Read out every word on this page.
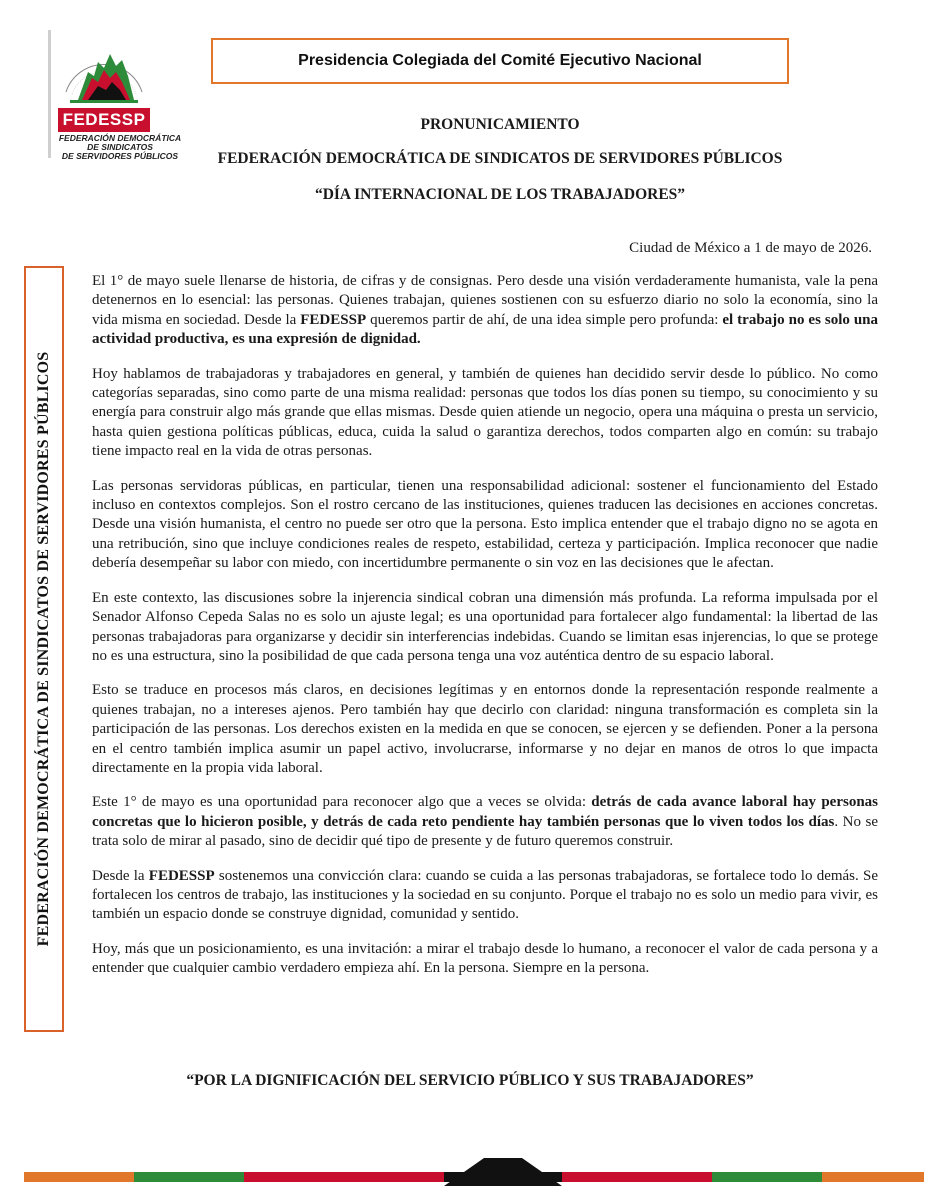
FEDESSP
FEDERACIÓN DEMOCRÁTICA
DE SINDICATOS
DE SERVIDORES PÚBLICOS
Presidencia Colegiada del Comité Ejecutivo Nacional
PRONUNICAMIENTO
FEDERACIÓN DEMOCRÁTICA DE SINDICATOS DE SERVIDORES PÚBLICOS
“DÍA INTERNACIONAL DE LOS TRABAJADORES”
Ciudad de México a 1 de mayo de 2026.
FEDERACIÓN DEMOCRÁTICA DE SINDICATOS DE SERVIDORES PÚBLICOS

El 1° de mayo suele llenarse de historia, de cifras y de consignas. Pero desde una visión verdaderamente humanista, vale la pena detenernos en lo esencial: las personas. Quienes trabajan, quienes sostienen con su esfuerzo diario no solo la economía, sino la vida misma en sociedad. Desde la FEDESSP queremos partir de ahí, de una idea simple pero profunda: el trabajo no es solo una actividad productiva, es una expresión de dignidad.

Hoy hablamos de trabajadoras y trabajadores en general, y también de quienes han decidido servir desde lo público. No como categorías separadas, sino como parte de una misma realidad: personas que todos los días ponen su tiempo, su conocimiento y su energía para construir algo más grande que ellas mismas. Desde quien atiende un negocio, opera una máquina o presta un servicio, hasta quien gestiona políticas públicas, educa, cuida la salud o garantiza derechos, todos comparten algo en común: su trabajo tiene impacto real en la vida de otras personas.

Las personas servidoras públicas, en particular, tienen una responsabilidad adicional: sostener el funcionamiento del Estado incluso en contextos complejos. Son el rostro cercano de las instituciones, quienes traducen las decisiones en acciones concretas. Desde una visión humanista, el centro no puede ser otro que la persona. Esto implica entender que el trabajo digno no se agota en una retribución, sino que incluye condiciones reales de respeto, estabilidad, certeza y participación. Implica reconocer que nadie debería desempeñar su labor con miedo, con incertidumbre permanente o sin voz en las decisiones que le afectan.

En este contexto, las discusiones sobre la injerencia sindical cobran una dimensión más profunda. La reforma impulsada por el Senador Alfonso Cepeda Salas no es solo un ajuste legal; es una oportunidad para fortalecer algo fundamental: la libertad de las personas trabajadoras para organizarse y decidir sin interferencias indebidas. Cuando se limitan esas injerencias, lo que se protege no es una estructura, sino la posibilidad de que cada persona tenga una voz auténtica dentro de su espacio laboral.

Esto se traduce en procesos más claros, en decisiones legítimas y en entornos donde la representación responde realmente a quienes trabajan, no a intereses ajenos. Pero también hay que decirlo con claridad: ninguna transformación es completa sin la participación de las personas. Los derechos existen en la medida en que se conocen, se ejercen y se defienden. Poner a la persona en el centro también implica asumir un papel activo, involucrarse, informarse y no dejar en manos de otros lo que impacta directamente en la propia vida laboral.

Este 1° de mayo es una oportunidad para reconocer algo que a veces se olvida: detrás de cada avance laboral hay personas concretas que lo hicieron posible, y detrás de cada reto pendiente hay también personas que lo viven todos los días. No se trata solo de mirar al pasado, sino de decidir qué tipo de presente y de futuro queremos construir.

Desde la FEDESSP sostenemos una convicción clara: cuando se cuida a las personas trabajadoras, se fortalece todo lo demás. Se fortalecen los centros de trabajo, las instituciones y la sociedad en su conjunto. Porque el trabajo no es solo un medio para vivir, es también un espacio donde se construye dignidad, comunidad y sentido.

Hoy, más que un posicionamiento, es una invitación: a mirar el trabajo desde lo humano, a reconocer el valor de cada persona y a entender que cualquier cambio verdadero empieza ahí. En la persona. Siempre en la persona.

“POR LA DIGNIFICACIÓN DEL SERVICIO PÚBLICO Y SUS TRABAJADORES”
